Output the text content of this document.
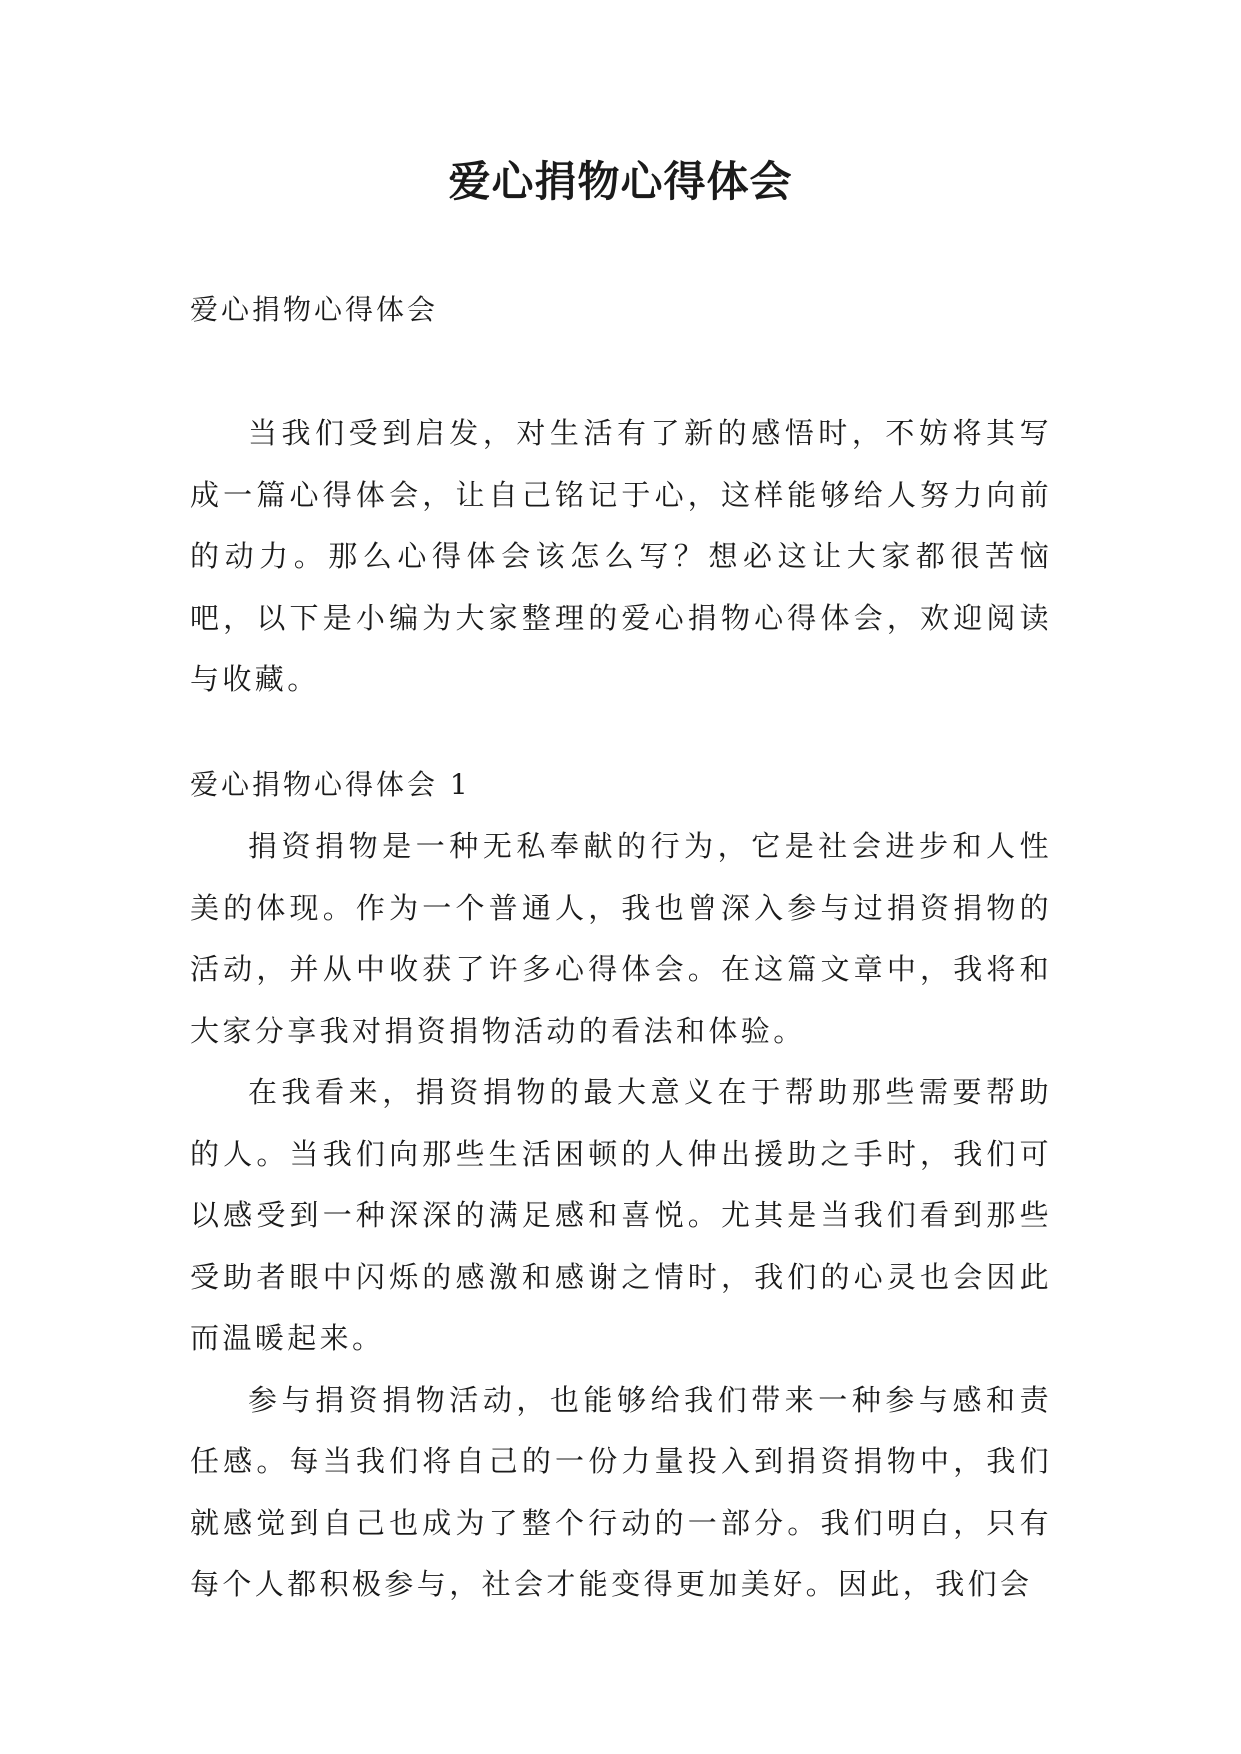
爱心捐物心得体会

爱心捐物心得体会

当我们受到启发，对生活有了新的感悟时，不妨将其写成一篇心得体会，让自己铭记于心，这样能够给人努力向前的动力。那么心得体会该怎么写？想必这让大家都很苦恼吧，以下是小编为大家整理的爱心捐物心得体会，欢迎阅读与收藏。

爱心捐物心得体会 1

捐资捐物是一种无私奉献的行为，它是社会进步和人性美的体现。作为一个普通人，我也曾深入参与过捐资捐物的活动，并从中收获了许多心得体会。在这篇文章中，我将和大家分享我对捐资捐物活动的看法和体验。

在我看来，捐资捐物的最大意义在于帮助那些需要帮助的人。当我们向那些生活困顿的人伸出援助之手时，我们可以感受到一种深深的满足感和喜悦。尤其是当我们看到那些受助者眼中闪烁的感激和感谢之情时，我们的心灵也会因此而温暖起来。

参与捐资捐物活动，也能够给我们带来一种参与感和责任感。每当我们将自己的一份力量投入到捐资捐物中，我们就感觉到自己也成为了整个行动的一部分。我们明白，只有每个人都积极参与，社会才能变得更加美好。因此，我们会
